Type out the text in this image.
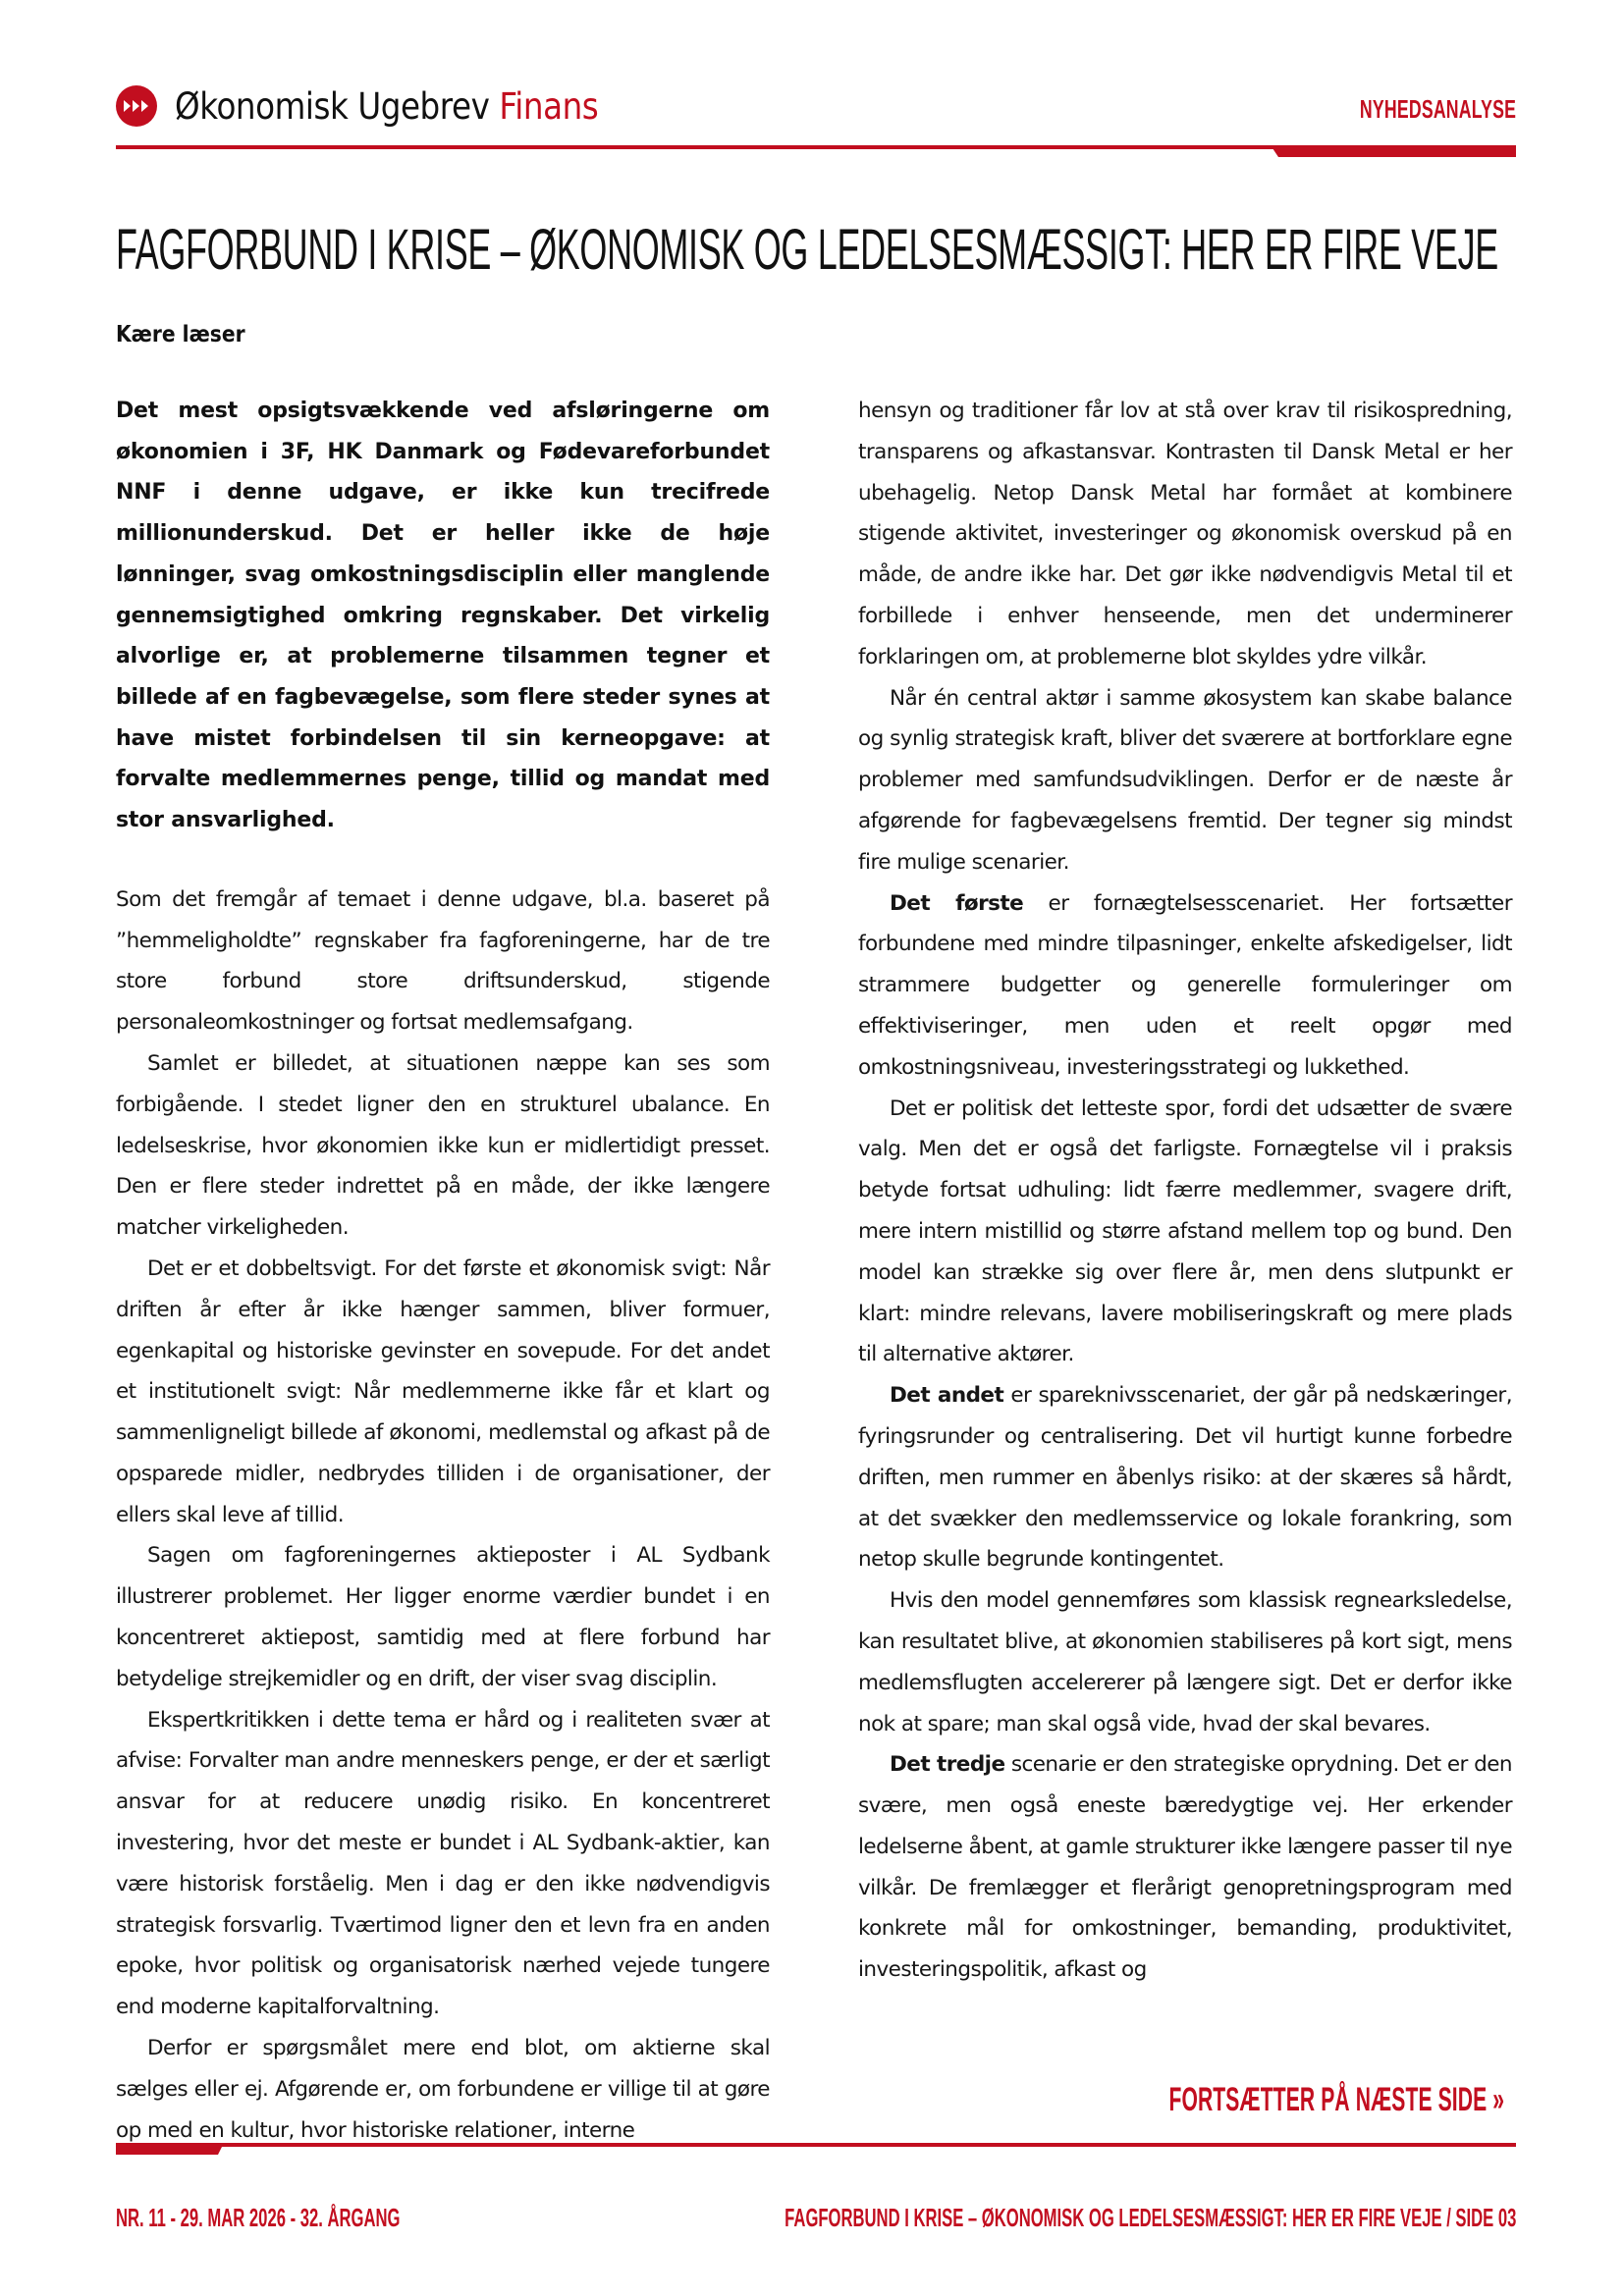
Økonomisk Ugebrev Finans	NYHEDSANALYSE
FAGFORBUND I KRISE – ØKONOMISK OG LEDELSESMÆSSIGT: HER ER FIRE VEJE
Kære læser

Det mest opsigtsvækkende ved afsløringerne om økonomien i 3F, HK Danmark og Fødevareforbundet NNF i denne udgave, er ikke kun trecifrede millionunderskud. Det er heller ikke de høje lønninger, svag omkostningsdisciplin eller manglende gennemsigtighed omkring regnskaber. Det virkelig alvorlige er, at problemerne tilsammen tegner et billede af en fagbevægelse, som flere steder synes at have mistet forbindelsen til sin kerneopgave: at forvalte medlemmernes penge, tillid og mandat med stor ansvarlighed.

Som det fremgår af temaet i denne udgave, bl.a. baseret på ”hemmeligholdte” regnskaber fra fagforeningerne, har de tre store forbund store driftsunderskud, stigende personaleomkostninger og fortsat medlemsafgang.

Samlet er billedet, at situationen næppe kan ses som forbigående. I stedet ligner den en strukturel ubalance. En ledelseskrise, hvor økonomien ikke kun er midlertidigt presset. Den er flere steder indrettet på en måde, der ikke længere matcher virkeligheden.

Det er et dobbeltsvigt. For det første et økonomisk svigt: Når driften år efter år ikke hænger sammen, bliver formuer, egenkapital og historiske gevinster en sovepude. For det andet et institutionelt svigt: Når medlemmerne ikke får et klart og sammenligneligt billede af økonomi, medlemstal og afkast på de opsparede midler, nedbrydes tilliden i de organisationer, der ellers skal leve af tillid.

Sagen om fagforeningernes aktieposter i AL Sydbank illustrerer problemet. Her ligger enorme værdier bundet i en koncentreret aktiepost, samtidig med at flere forbund har betydelige strejkemidler og en drift, der viser svag disciplin.

Ekspertkritikken i dette tema er hård og i realiteten svær at afvise: Forvalter man andre menneskers penge, er der et særligt ansvar for at reducere unødig risiko. En koncentreret investering, hvor det meste er bundet i AL Sydbank-aktier, kan være historisk forståelig. Men i dag er den ikke nødvendigvis strategisk forsvarlig. Tværtimod ligner den et levn fra en anden epoke, hvor politisk og organisatorisk nærhed vejede tungere end moderne kapitalforvaltning.

Derfor er spørgsmålet mere end blot, om aktierne skal sælges eller ej. Afgørende er, om forbundene er villige til at gøre op med en kultur, hvor historiske relationer, interne

hensyn og traditioner får lov at stå over krav til risikospredning, transparens og afkastansvar. Kontrasten til Dansk Metal er her ubehagelig. Netop Dansk Metal har formået at kombinere stigende aktivitet, investeringer og økonomisk overskud på en måde, de andre ikke har. Det gør ikke nødvendigvis Metal til et forbillede i enhver henseende, men det underminerer forklaringen om, at problemerne blot skyldes ydre vilkår.

Når én central aktør i samme økosystem kan skabe balance og synlig strategisk kraft, bliver det sværere at bortforklare egne problemer med samfundsudviklingen. Derfor er de næste år afgørende for fagbevægelsens fremtid. Der tegner sig mindst fire mulige scenarier.

Det første er fornægtelsesscenariet. Her fortsætter forbundene med mindre tilpasninger, enkelte afskedigelser, lidt strammere budgetter og generelle formuleringer om effektiviseringer, men uden et reelt opgør med omkostningsniveau, investeringsstrategi og lukkethed.

Det er politisk det letteste spor, fordi det udsætter de svære valg. Men det er også det farligste. Fornægtelse vil i praksis betyde fortsat udhuling: lidt færre medlemmer, svagere drift, mere intern mistillid og større afstand mellem top og bund. Den model kan strække sig over flere år, men dens slutpunkt er klart: mindre relevans, lavere mobiliseringskraft og mere plads til alternative aktører.

Det andet er spareknivsscenariet, der går på nedskæringer, fyringsrunder og centralisering. Det vil hurtigt kunne forbedre driften, men rummer en åbenlys risiko: at der skæres så hårdt, at det svækker den medlemsservice og lokale forankring, som netop skulle begrunde kontingentet.

Hvis den model gennemføres som klassisk regnearksledelse, kan resultatet blive, at økonomien stabiliseres på kort sigt, mens medlemsflugten accelererer på længere sigt. Det er derfor ikke nok at spare; man skal også vide, hvad der skal bevares.

Det tredje scenarie er den strategiske oprydning. Det er den svære, men også eneste bæredygtige vej. Her erkender ledelserne åbent, at gamle strukturer ikke længere passer til nye vilkår. De fremlægger et flerårigt genopretningsprogram med konkrete mål for omkostninger, bemanding, produktivitet, investeringspolitik, afkast og

FORTSÆTTER PÅ NÆSTE SIDE »
NR. 11 - 29. MAR 2026 - 32. ÅRGANG	FAGFORBUND I KRISE – ØKONOMISK OG LEDELSESMÆSSIGT: HER ER FIRE VEJE / SIDE 03
